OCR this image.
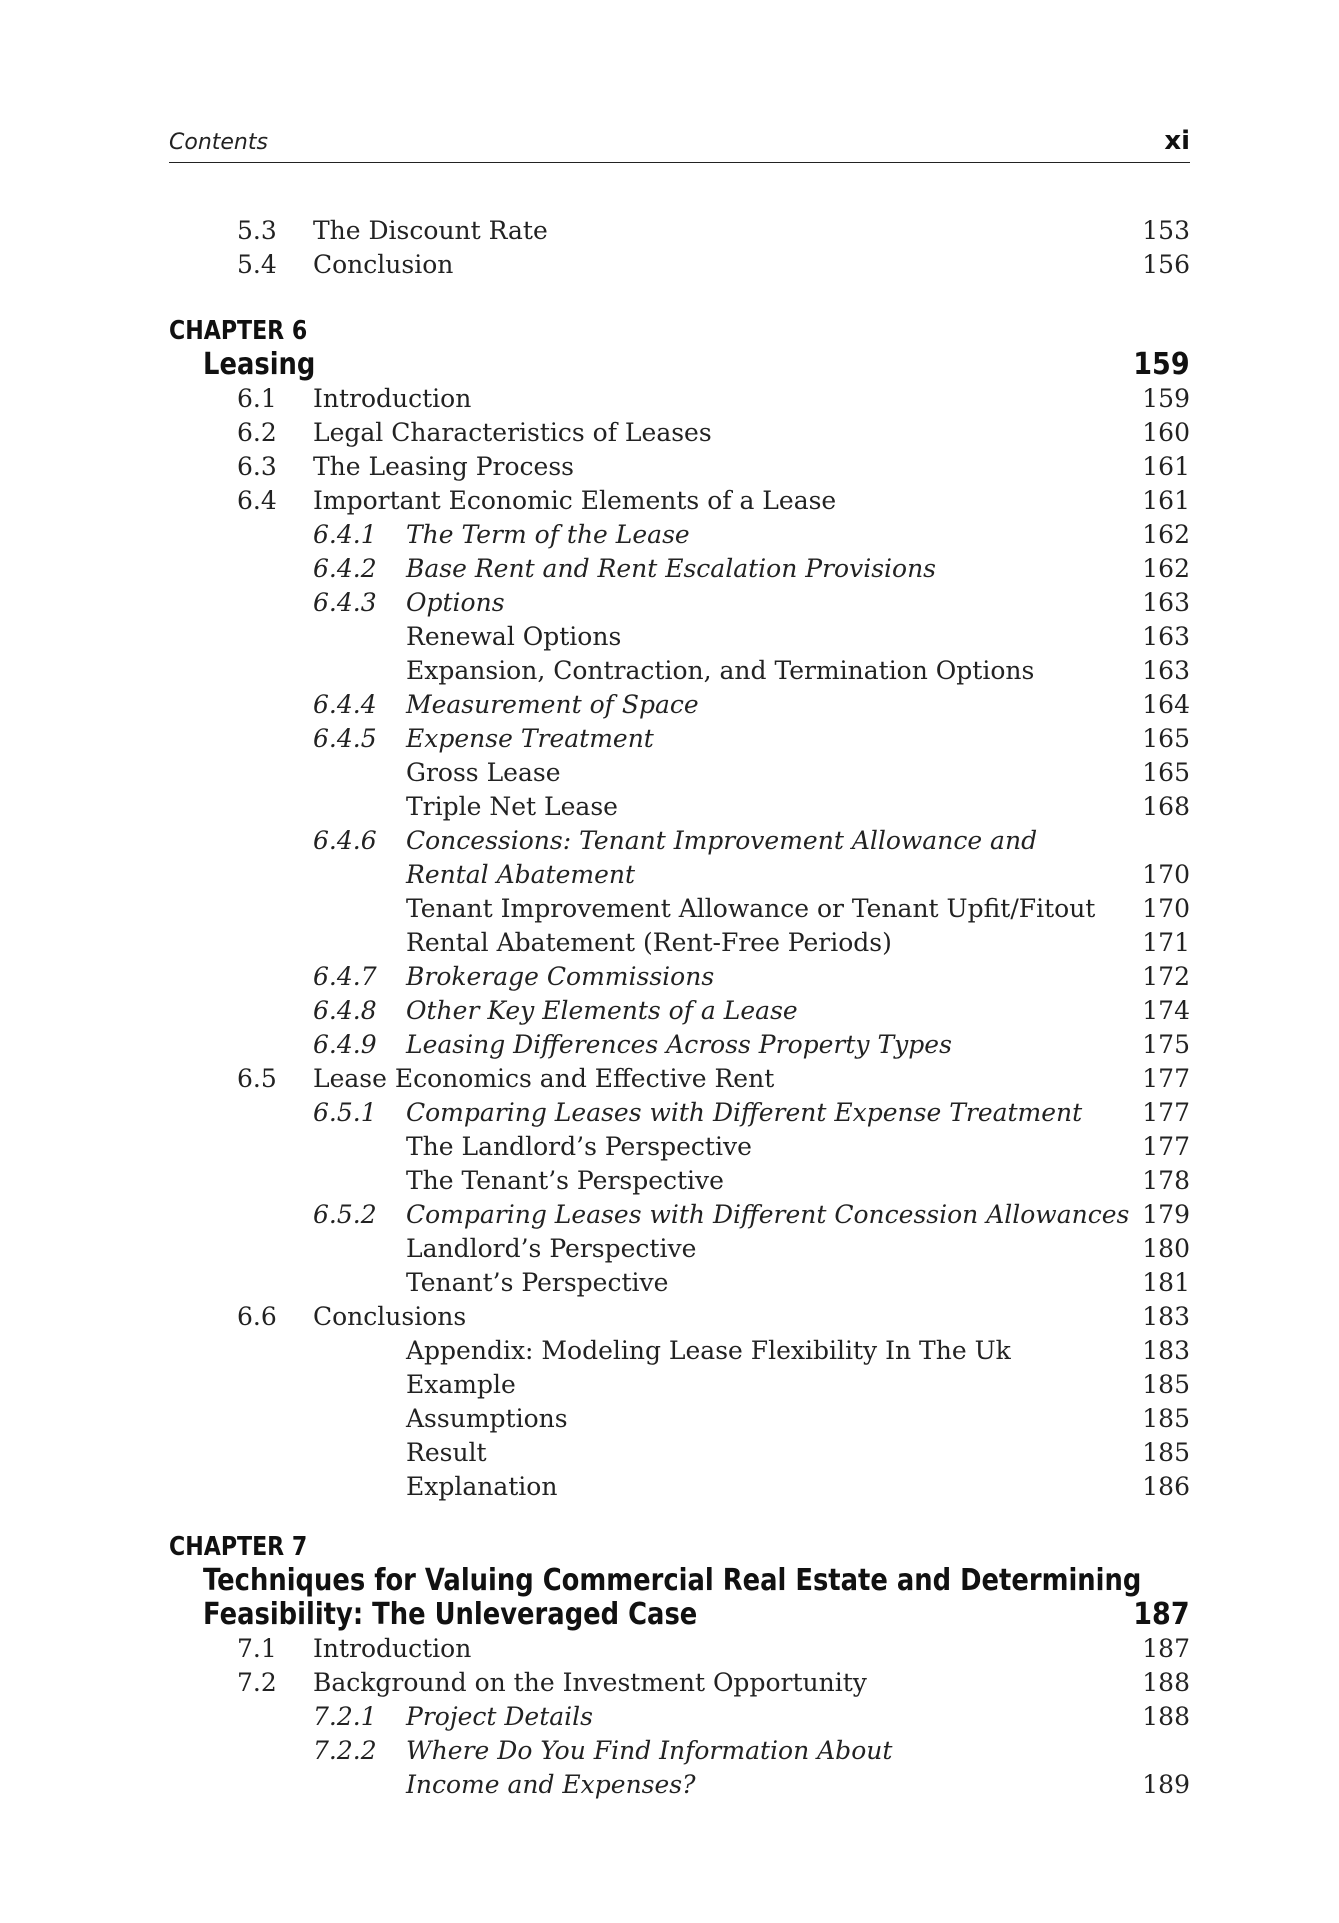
Contents	xi
5.3 The Discount Rate	153
5.4 Conclusion	156
CHAPTER 6
Leasing	159
6.1 Introduction	159
6.2 Legal Characteristics of Leases	160
6.3 The Leasing Process	161
6.4 Important Economic Elements of a Lease	161
6.4.1 The Term of the Lease	162
6.4.2 Base Rent and Rent Escalation Provisions	162
6.4.3 Options	163
Renewal Options	163
Expansion, Contraction, and Termination Options	163
6.4.4 Measurement of Space	164
6.4.5 Expense Treatment	165
Gross Lease	165
Triple Net Lease	168
6.4.6 Concessions: Tenant Improvement Allowance and
Rental Abatement	170
Tenant Improvement Allowance or Tenant Upfit/Fitout 170
Rental Abatement (Rent-Free Periods)	171
6.4.7 Brokerage Commissions	172
6.4.8 Other Key Elements of a Lease	174
6.4.9 Leasing Differences Across Property Types	175
6.5 Lease Economics and Effective Rent	177
6.5.1 Comparing Leases with Different Expense Treatment 177
The Landlord’s Perspective	177
The Tenant’s Perspective	178
6.5.2 Comparing Leases with Different Concession Allowances 179
Landlord’s Perspective	180
Tenant’s Perspective	181
6.6 Conclusions	183
Appendix: Modeling Lease Flexibility In The Uk	183
Example	185
Assumptions	185
Result	185
Explanation	186
CHAPTER 7
Techniques for Valuing Commercial Real Estate and Determining
Feasibility: The Unleveraged Case	187
7.1 Introduction	187
7.2 Background on the Investment Opportunity	188
7.2.1 Project Details	188
7.2.2 Where Do You Find Information About
Income and Expenses?	189
